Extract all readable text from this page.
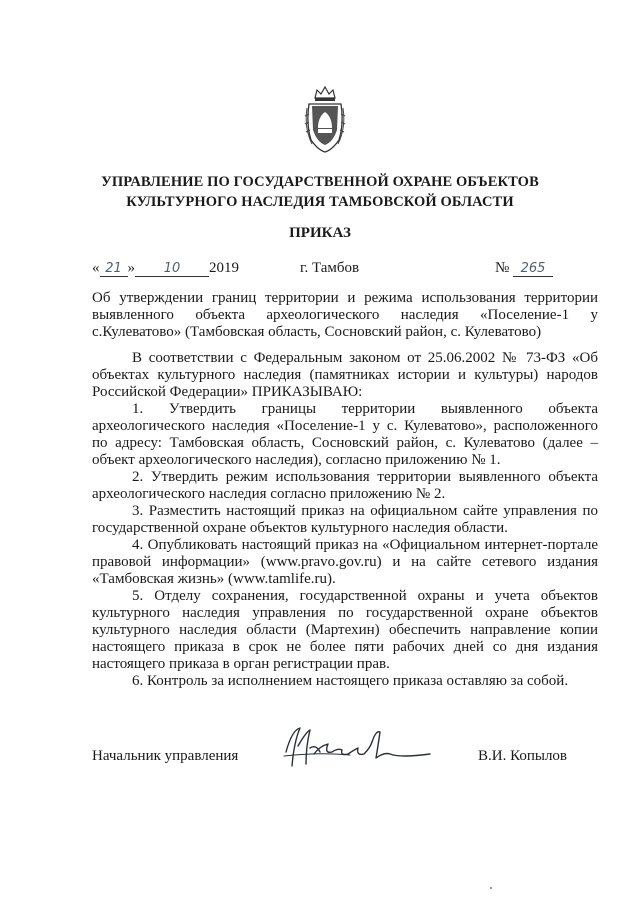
УПРАВЛЕНИЕ ПО ГОСУДАРСТВЕННОЙ ОХРАНЕ ОБЪЕКТОВ
КУЛЬТУРНОГО НАСЛЕДИЯ ТАМБОВСКОЙ ОБЛАСТИ
ПРИКАЗ
« 21 » 10 2019	г. Тамбов	№ 265
Об утверждении границ территории и режима использования территории
выявленного объекта археологического наследия «Поселение-1 у
с.Кулеватово» (Тамбовская область, Сосновский район, с. Кулеватово)

В соответствии с Федеральным законом от 25.06.2002 № 73-ФЗ «Об объектах культурного наследия (памятниках истории и культуры) народов Российской Федерации» ПРИКАЗЫВАЮ:

1. Утвердить границы территории выявленного объекта археологического наследия «Поселение-1 у с. Кулеватово», расположенного по адресу: Тамбовская область, Сосновский район, с. Кулеватово (далее – объект археологического наследия), согласно приложению № 1.

2. Утвердить режим использования территории выявленного объекта археологического наследия согласно приложению № 2.

3. Разместить настоящий приказ на официальном сайте управления по государственной охране объектов культурного наследия области.

4. Опубликовать настоящий приказ на «Официальном интернет-портале правовой информации» (www.pravo.gov.ru) и на сайте сетевого издания «Тамбовская жизнь» (www.tamlife.ru).

5. Отделу сохранения, государственной охраны и учета объектов культурного наследия управления по государственной охране объектов культурного наследия области (Мартехин) обеспечить направление копии настоящего приказа в срок не более пяти рабочих дней со дня издания настоящего приказа в орган регистрации прав.

6. Контроль за исполнением настоящего приказа оставляю за собой.

Начальник управления	В.И. Копылов
